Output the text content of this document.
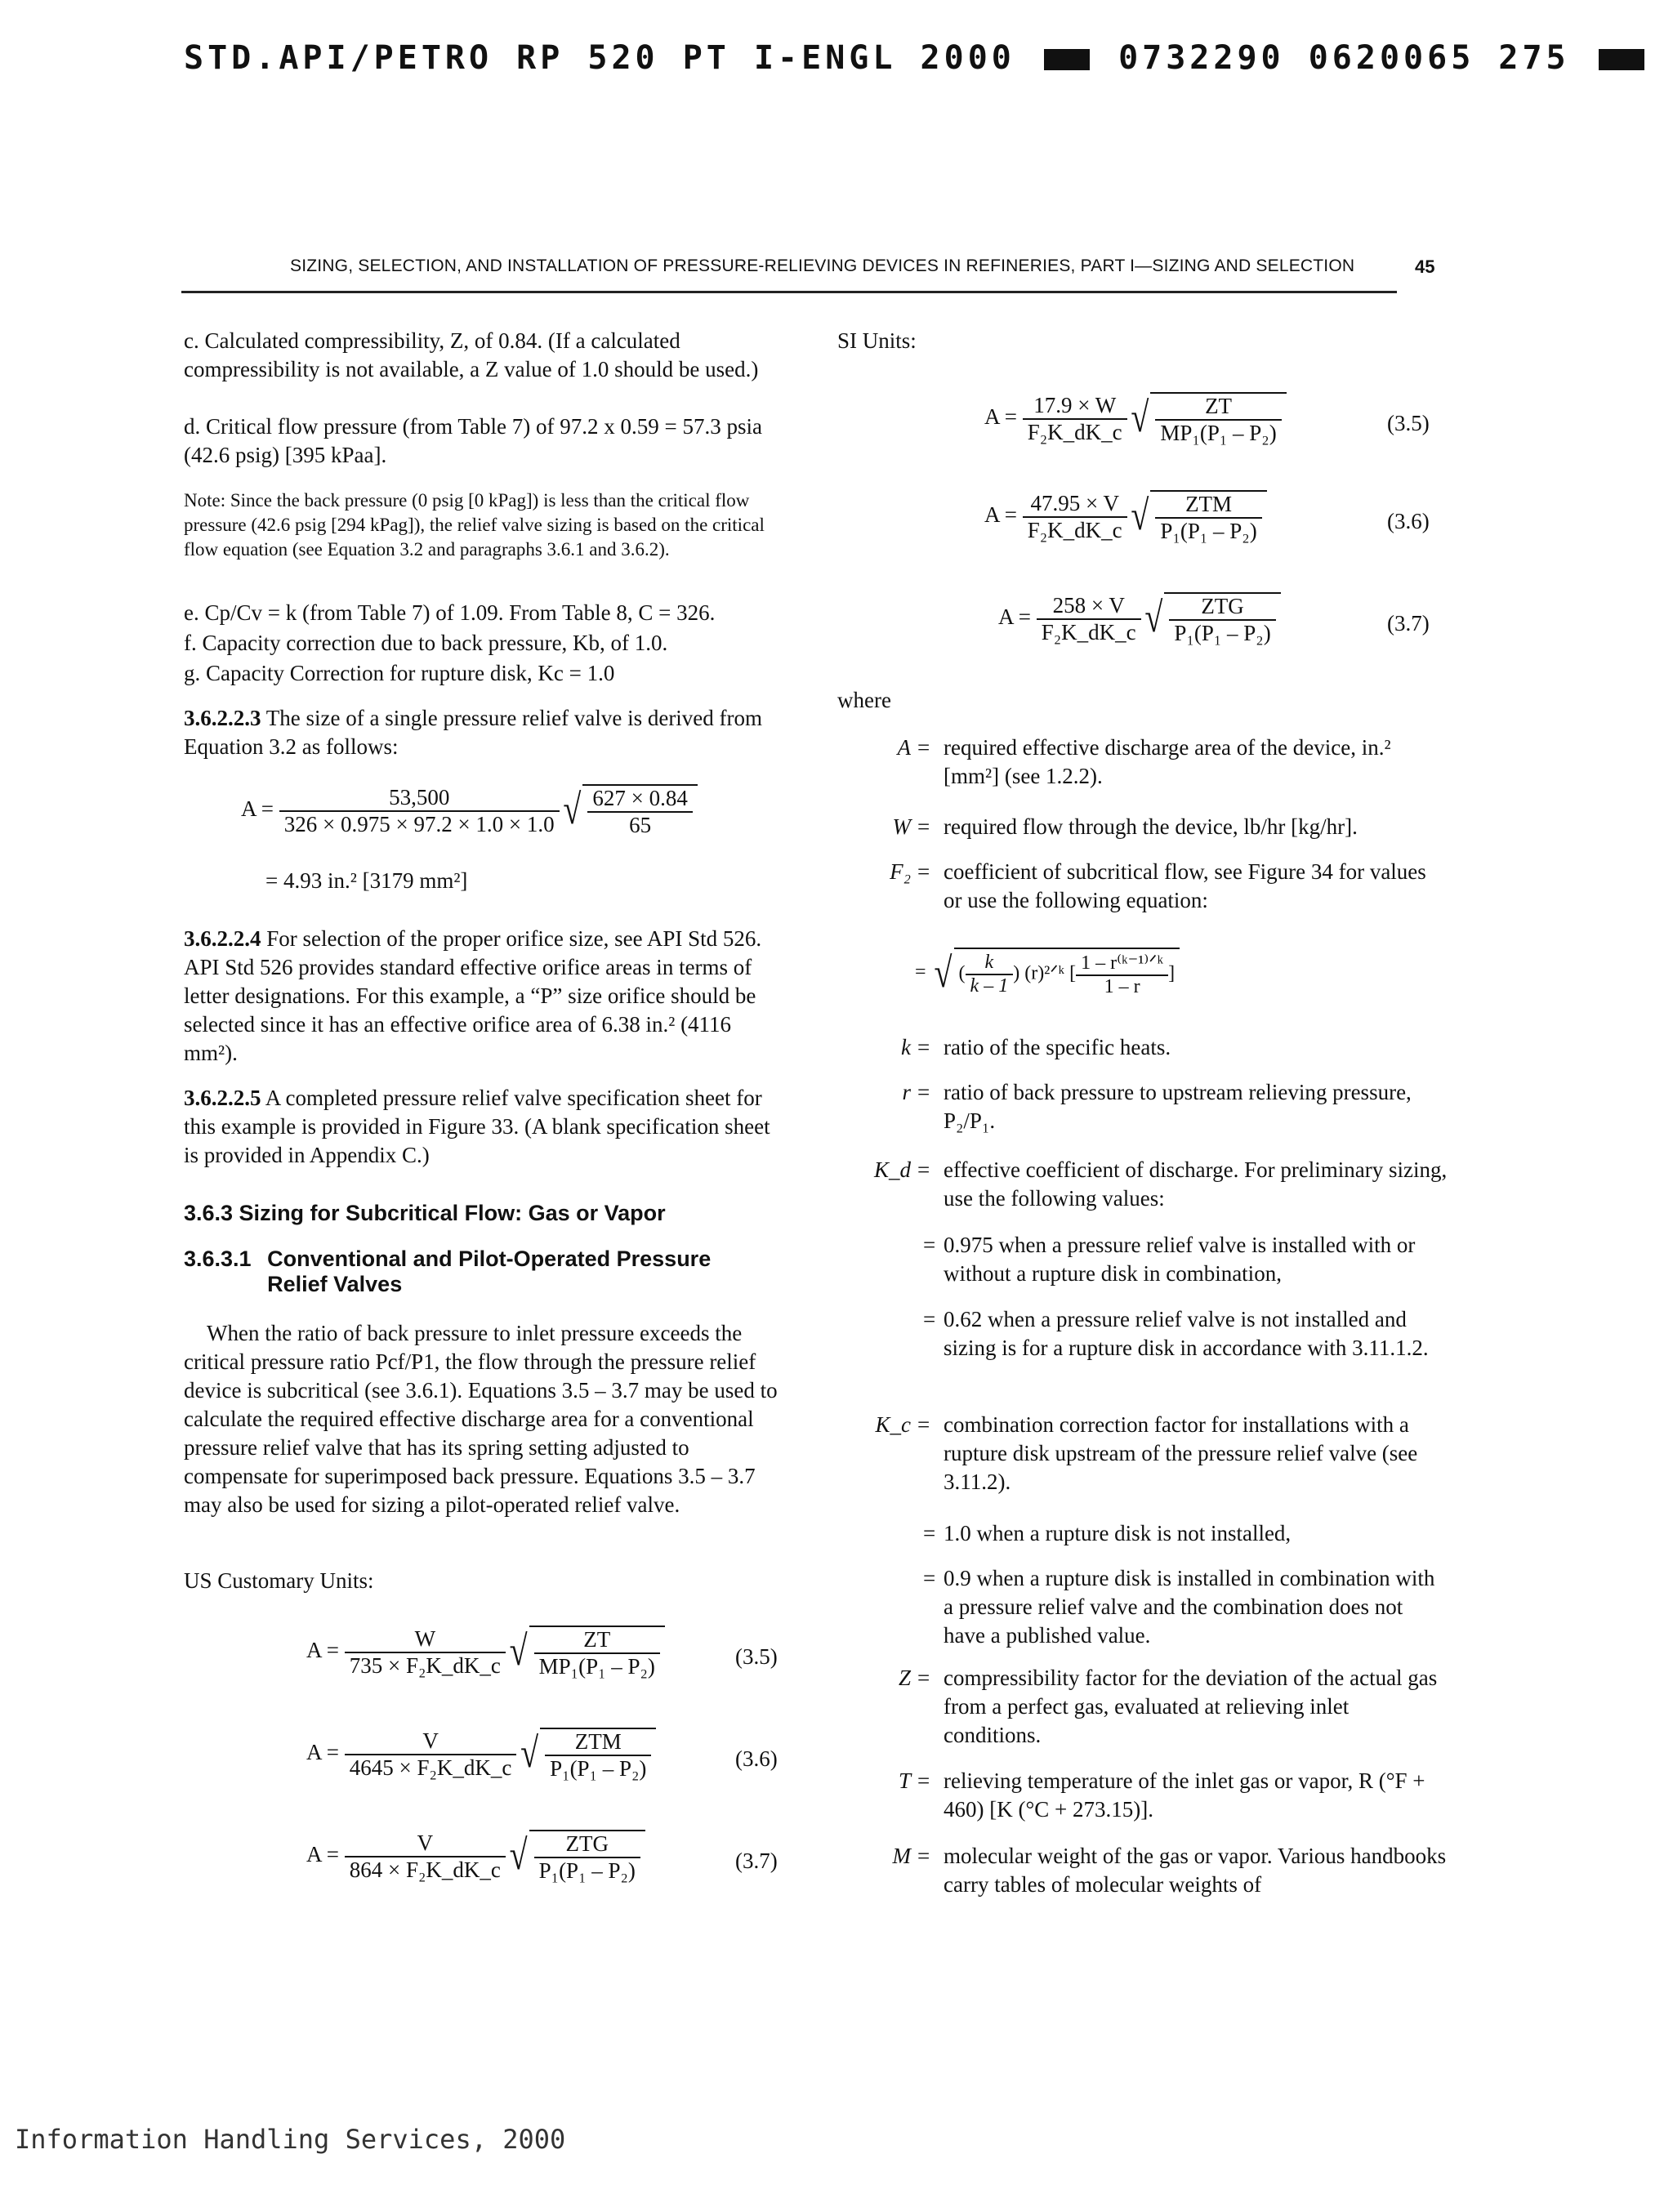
STD.API/PETRO RP 520 PT I-ENGL 2000	0732290 0620065 275
SIZING, SELECTION, AND INSTALLATION OF PRESSURE-RELIEVING DEVICES IN REFINERIES, PART I—SIZING AND SELECTION	45
c. Calculated compressibility, Z, of 0.84. (If a calculated compressibility is not available, a Z value of 1.0 should be used.)
d. Critical flow pressure (from Table 7) of 97.2 x 0.59 = 57.3 psia (42.6 psig) [395 kPaa].
Note: Since the back pressure (0 psig [0 kPag]) is less than the critical flow pressure (42.6 psig [294 kPag]), the relief valve sizing is based on the critical flow equation (see Equation 3.2 and paragraphs 3.6.1 and 3.6.2).
e. Cp/Cv = k (from Table 7) of 1.09. From Table 8, C = 326.
f. Capacity correction due to back pressure, Kb, of 1.0.
g. Capacity Correction for rupture disk, Kc = 1.0
3.6.2.2.3 The size of a single pressure relief valve is derived from Equation 3.2 as follows:
$A = \frac{53,500}{326 \times 0.975 \times 97.2 \times 1.0 \times 1.0}$
√ $\frac{627 \times 0.84}{65}$
= 4.93 in.² [3179 mm²]
3.6.2.2.4 For selection of the proper orifice size, see API Std 526. API Std 526 provides standard effective orifice areas in terms of letter designations. For this example, a “P” size orifice should be selected since it has an effective orifice area of 6.38 in.² (4116 mm²).
3.6.2.2.5 A completed pressure relief valve specification sheet for this example is provided in Figure 33. (A blank specification sheet is provided in Appendix C.)
3.6.3 Sizing for Subcritical Flow: Gas or Vapor
3.6.3.1 Conventional and Pilot-Operated Pressure Relief Valves
When the ratio of back pressure to inlet pressure exceeds the critical pressure ratio Pcf/P1, the flow through the pressure relief device is subcritical (see 3.6.1). Equations 3.5 – 3.7 may be used to calculate the required effective discharge area for a conventional pressure relief valve that has its spring setting adjusted to compensate for superimposed back pressure. Equations 3.5 – 3.7 may also be used for sizing a pilot-operated relief valve.
US Customary Units:
$A = \frac{W}{\text{735 × F₂K\_dK\_c}}$
√ $\frac{ZT}{\text{MP₁(P₁ – P₂)}}$	(3.5)
$A = \frac{V}{\text{4645 × F₂K\_dK\_c}}$
√ $\frac{\text{ZTM}}{\text{P₁(P₁ – P₂)}}$	(3.6)
$A = \frac{V}{\text{864 × F₂K\_dK\_c}}$
√ $\frac{\text{ZTG}}{\text{P₁(P₁ – P₂)}}$	(3.7)
SI Units:
$A = \frac{17.9 \times W}{\text{F₂K\_dK\_c}}$
√ $\frac{ZT}{\text{MP₁(P₁ – P₂)}}$	(3.5)
$A = \frac{47.95 \times V}{\text{F₂K\_dK\_c}}$
√ $\frac{\text{ZTM}}{\text{P₁(P₁ – P₂)}}$	(3.6)
$A = \frac{258 \times V}{\text{F₂K\_dK\_c}}$
√ $\frac{\text{ZTG}}{\text{P₁(P₁ – P₂)}}$	(3.7)
where
A = required effective discharge area of the device, in.² [mm²] (see 1.2.2).
W = required flow through the device, lb/hr [kg/hr].
F₂ = coefficient of subcritical flow, see Figure 34 for values or use the following equation:
= √ ( $\frac{k}{k - 1}$ ) (r)²ᐟᵏ [ $\frac{\text{1 – r⁽ᵏ⁻¹⁾ᐟᵏ}}{1 - r}$ ]
k = ratio of the specific heats.
r = ratio of back pressure to upstream relieving pressure, P₂/P₁.
K_d = effective coefficient of discharge. For preliminary sizing, use the following values:
= 0.975 when a pressure relief valve is installed with or without a rupture disk in combination,
= 0.62 when a pressure relief valve is not installed and sizing is for a rupture disk in accordance with 3.11.1.2.
K_c = combination correction factor for installations with a rupture disk upstream of the pressure relief valve (see 3.11.2).
= 1.0 when a rupture disk is not installed,
= 0.9 when a rupture disk is installed in combination with a pressure relief valve and the combination does not have a published value.
Z = compressibility factor for the deviation of the actual gas from a perfect gas, evaluated at relieving inlet conditions.
T = relieving temperature of the inlet gas or vapor, R (°F + 460) [K (°C + 273.15)].
M = molecular weight of the gas or vapor. Various handbooks carry tables of molecular weights of
Information Handling Services, 2000
